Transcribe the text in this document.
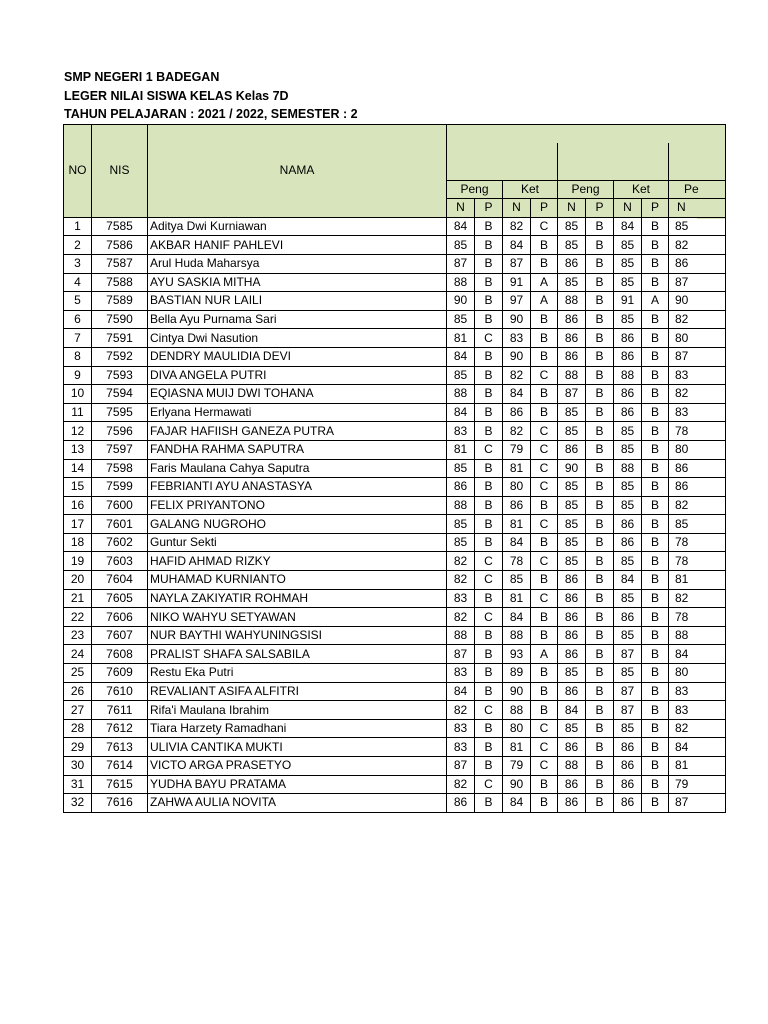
SMP NEGERI 1 BADEGAN
LEGER NILAI SISWA KELAS Kelas 7D
TAHUN PELAJARAN : 2021 / 2022, SEMESTER : 2
NO	NIS	NAMA									

			Peng		Ket		Peng		Ket		Pe
			N	P	N	P	N	P	N	P	N
1	7585	Aditya Dwi Kurniawan	84	B	82	C	85	B	84	B	85
2	7586	AKBAR HANIF PAHLEVI	85	B	84	B	85	B	85	B	82
3	7587	Arul Huda Maharsya	87	B	87	B	86	B	85	B	86
4	7588	AYU SASKIA MITHA	88	B	91	A	85	B	85	B	87
5	7589	BASTIAN NUR LAILI	90	B	97	A	88	B	91	A	90
6	7590	Bella Ayu Purnama Sari	85	B	90	B	86	B	85	B	82
7	7591	Cintya Dwi Nasution	81	C	83	B	86	B	86	B	80
8	7592	DENDRY MAULIDIA DEVI	84	B	90	B	86	B	86	B	87
9	7593	DIVA ANGELA PUTRI	85	B	82	C	88	B	88	B	83
10	7594	EQIASNA MUIJ DWI TOHANA	88	B	84	B	87	B	86	B	82
11	7595	Erlyana Hermawati	84	B	86	B	85	B	86	B	83
12	7596	FAJAR HAFIISH GANEZA PUTRA	83	B	82	C	85	B	85	B	78
13	7597	FANDHA RAHMA SAPUTRA	81	C	79	C	86	B	85	B	80
14	7598	Faris Maulana Cahya Saputra	85	B	81	C	90	B	88	B	86
15	7599	FEBRIANTI AYU ANASTASYA	86	B	80	C	85	B	85	B	86
16	7600	FELIX PRIYANTONO	88	B	86	B	85	B	85	B	82
17	7601	GALANG NUGROHO	85	B	81	C	85	B	86	B	85
18	7602	Guntur Sekti	85	B	84	B	85	B	86	B	78
19	7603	HAFID AHMAD RIZKY	82	C	78	C	85	B	85	B	78
20	7604	MUHAMAD KURNIANTO	82	C	85	B	86	B	84	B	81
21	7605	NAYLA ZAKIYATIR ROHMAH	83	B	81	C	86	B	85	B	82
22	7606	NIKO WAHYU SETYAWAN	82	C	84	B	86	B	86	B	78
23	7607	NUR BAYTHI WAHYUNINGSISI	88	B	88	B	86	B	85	B	88
24	7608	PRALIST SHAFA SALSABILA	87	B	93	A	86	B	87	B	84
25	7609	Restu Eka Putri	83	B	89	B	85	B	85	B	80
26	7610	REVALIANT ASIFA ALFITRI	84	B	90	B	86	B	87	B	83
27	7611	Rifa'i Maulana Ibrahim	82	C	88	B	84	B	87	B	83
28	7612	Tiara Harzety Ramadhani	83	B	80	C	85	B	85	B	82
29	7613	ULIVIA CANTIKA MUKTI	83	B	81	C	86	B	86	B	84
30	7614	VICTO ARGA PRASETYO	87	B	79	C	88	B	86	B	81
31	7615	YUDHA BAYU PRATAMA	82	C	90	B	86	B	86	B	79
32	7616	ZAHWA AULIA NOVITA	86	B	84	B	86	B	86	B	87
